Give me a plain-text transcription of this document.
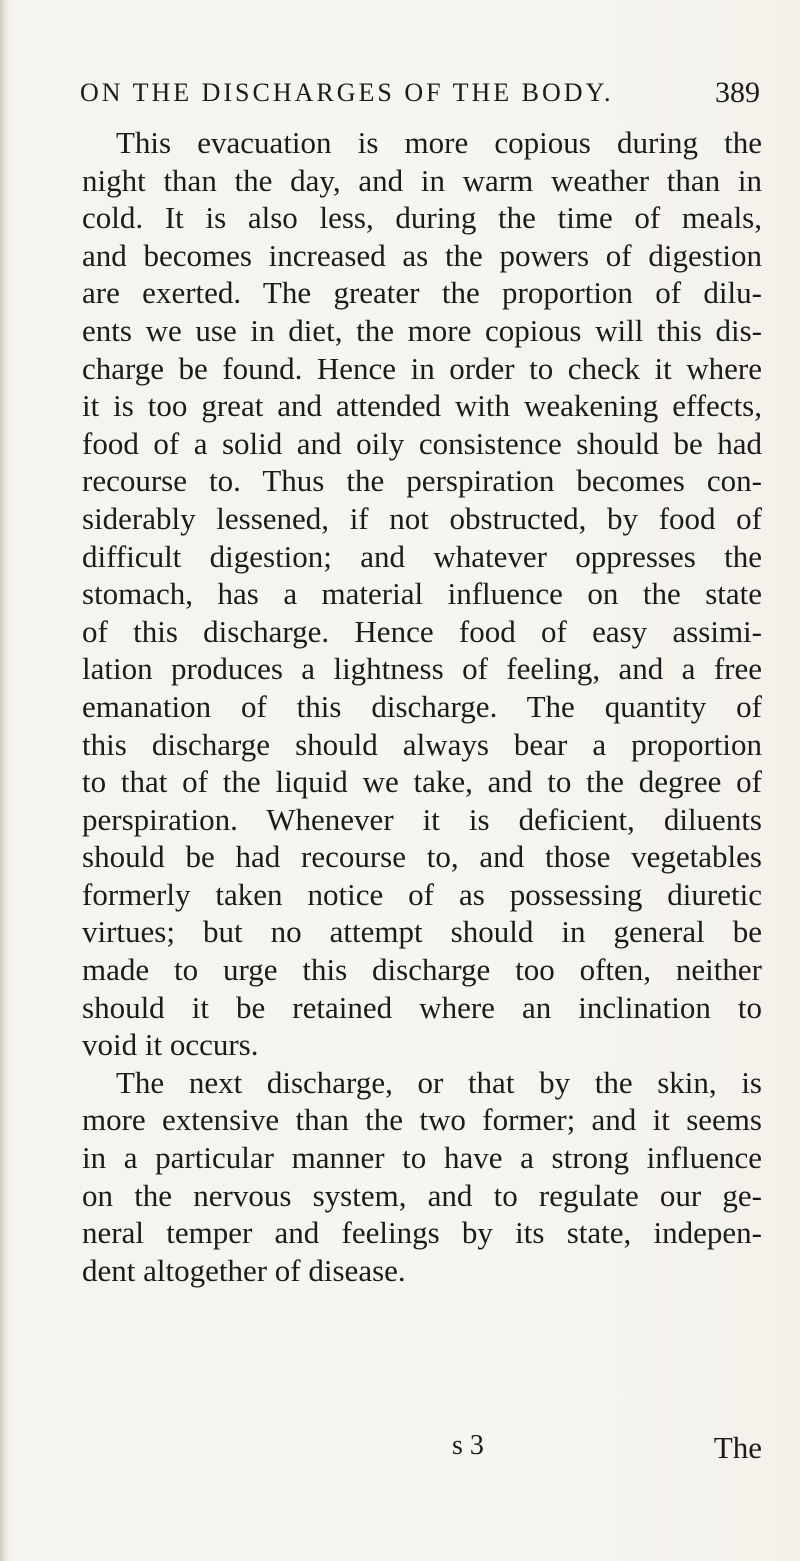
ON THE DISCHARGES OF THE BODY.	389
This evacuation is more copious during the
night than the day, and in warm weather than in
cold. It is also less, during the time of meals,
and becomes increased as the powers of digestion
are exerted. The greater the proportion of dilu-
ents we use in diet, the more copious will this dis-
charge be found. Hence in order to check it where
it is too great and attended with weakening effects,
food of a solid and oily consistence should be had
recourse to. Thus the perspiration becomes con-
siderably lessened, if not obstructed, by food of
difficult digestion; and whatever oppresses the
stomach, has a material influence on the state
of this discharge. Hence food of easy assimi-
lation produces a lightness of feeling, and a free
emanation of this discharge. The quantity of
this discharge should always bear a proportion
to that of the liquid we take, and to the degree of
perspiration. Whenever it is deficient, diluents
should be had recourse to, and those vegetables
formerly taken notice of as possessing diuretic
virtues; but no attempt should in general be
made to urge this discharge too often, neither
should it be retained where an inclination to
void it occurs.
The next discharge, or that by the skin, is
more extensive than the two former; and it seems
in a particular manner to have a strong influence
on the nervous system, and to regulate our ge-
neral temper and feelings by its state, indepen-
dent altogether of disease.
s 3	The
